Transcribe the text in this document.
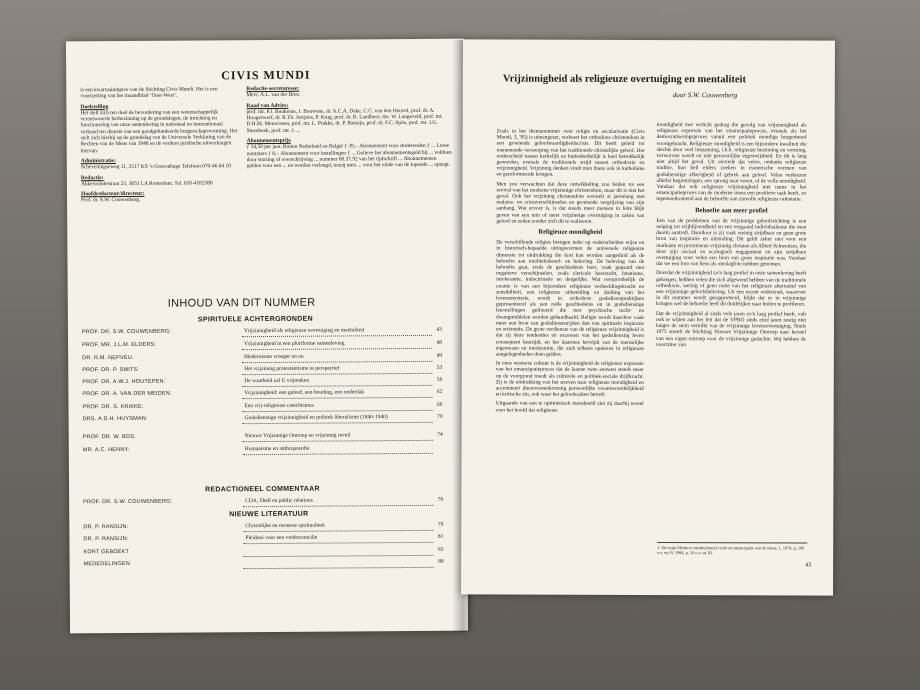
368 a
CIVIS MUNDI

is een kwartaaluitgave van de Stichting Civis Mundi. Het is een voortzetting van het maandblad ‘Oost-West’.

Doelstelling

Het stelt zich ten doel de bevordering van een wetenschappelijk verantwoorde herbezinning op de grondslagen, de inrichting en functionering van onze samenleving in nationaal en internationaal verband ten dienste van een goedgefundeerde burgerschapsvorming. Het stelt zich hierbij op de grondslag van de Universele Verklaring van de Rechten van de Mens van 1948 en de verdere juridische uitwerkingen hiervan.

Administratie:

Scheveningseweg 11, 2517 KS ’s-Gravenhage Telefoon 070-46 04 10

Redactie:

Akkerwindestraat 23, 3051 LA Rotterdam. Tel. 010-4182580

Hoofdredacteur/directeur:

Prof. dr. S.W. Couwenberg.

Redactie-secretaresse:

Mevr. A.L. van der Bree.

Raad van Advies:

prof. mr. P.J. Boukema, J. Bouwens, dr. A.C.A. Dake, C.C. van den Heuvel, prof. dr. A. Hoogerwerf, dr. R.Th. Jurrjens, P. Krug, prof. dr. B. Landheer, drs. W. Langeveld, prof. mr. D.H.M. Meuwissen, prof. mr. L. Prakke, dr. P. Ransijn, prof. dr. F.C. Spits, prof. mr. J.G. Steenbeek, prof. mr. J. ...

Abonnementsprijs

ƒ 34,50 per jaar. Buiten Nederland en België ƒ 39,-. Abonnement voor studerenden ƒ ... Losse nummers ƒ 8,-. Abonnement voor instellingen ƒ ... Gelieve het abonnementsgeld bij ... voldoen door storting of overschrijving ... nummer 60.37.92 van het tijdschrift ... Abonnementen gelden voor een ... en worden verlengd, tenzij men ... voor het einde van de lopende ... opzegt.

INHOUD VAN DIT NUMMER
SPIRITUELE ACHTERGRONDEN
REDACTIONEEL COMMENTAAR
NIEUWE LITERATUUR
PROF. DR. S.W. COUWENBERG:	Vrijzinnigheid als religieuze overtuiging en mentaliteit	43
PROF. MR. J.L.M. ELDERS:	Vrijzinnigheid in een pluriforme samenleving	48
DR. R.M. NEPVEU:	Modernisme vroeger en nu	49
PROF. DR. P. SMITS:	Het vrijzinnig protestantisme in perspectief	53
PROF. DR. A.W.J. HOUTEPEN:	De waarheid zal U vrijmaken	56
PROF. DR. A. VAN DER MEIDEN:	Vrijzinnigheid: een geloof, een houding, een onderdak	62
PROF. DR. S. KRIKKE:	Een vrij-religieuze catechismus	66
DRS. A.D.H. HUYSMAN:	Godsdienstige vrijzinnigheid en politiek liberalisme (1840-1940)	70
PROF. DR. W. BOS:	Nieuwe Vrijzinnige Omroep en vrijzinnig reveil	74
MR. A.C. HENNY:	Humanisme en anthroposofie
PROF. DR. S.W. COUWENBERG:	CDA, Shell en public relations	78
DR. P. RANSIJN:	Christelijke en oosterse spiritualiteit	79
DR. P. RANSIJN:	Pleidooi voor een vredesconcilie	81
KORT GEBOEKT	83
MEDEDELINGEN	88
Vrijzinnigheid als religieuze overtuiging en mentaliteit
door S.W. Couwenberg

Zoals in het themanummer over religie en secularisatie (Civis Mundi, 3, '85) is uiteengezet, verkeert het orthodoxe christendom in een groeiende geloofwaardigheidscrisis. Dit heeft geleid tot toenemende verwerping van het traditionele christelijke geloof. Het onderscheid tussen kerkelijk en buitenkerkelijk is heel betrekkelijk geworden, evenals de traditionele strijd tussen orthodoxie en vrijzinnigheid. Vrijzinnig denken vindt men thans ook in katholieke en gereformeerde kringen.

Men zou verwachten dat deze ontwikkeling zou leiden tot een revival van het moderne vrijzinnige christendom, maar dit is niet het geval. Ook het vrijzinnig christendom worstelt al jarenlang met malaise- en crisisverschijnselen en groeiende vergrijzing van zijn aanhang. Wat ervoor is, is dat steeds meer mensen in feite blijk geven van een min of meer vrijzinnige overtuiging in zaken van geloof en zeden zonder zich dit te realiseren.

Religieuze mondigheid

De verschillende religies brengen ieder op onderscheiden wijze en in historisch-bepaalde uitingsvormen de universele religieuze dimensie tot uitdrukking die kort kan worden aangeduid als de behoefte aan totaliteitsbesef- en beleving. De beleving van de behoefte gaat, zoals de geschiedenis leert, vaak gepaard met negatieve verschijnselen, zoals clericale heerzucht, fanatisme, intolerantie, indoctrinatie en dergelijke. Wat oorspronkelijk de creatie is van een bijzondere religieuze verbeeldingskracht en sensibiliteit, een religieuze uitbeelding en duiding van het levensmysterie, wordt in orthodoxe godsdienstpraktijken gepresenteerd als een reële geschiedenis en in godsdienstige leerstellingen gefixeerd die met psychische tucht- en dwangmiddelen worden gehandhaafd. Religie wordt daardoor vaak meer een bron van godsdienststrijden dan van spirituele inspiratie en oriëntatie. De grote verdienste van de religieuze vrijzinnigheid is dat zij deze tendenties en excessen van het godsdienstig leven consequent bestrijdt, en het daarmee bevrijdt van de menselijke eigenwaan en intolerantie, die zich telkens opnieuw in religieuze aangelegenheden doen gelden.

In onze westerse cultuur is de vrijzinnigheid de religieuze expressie van het emancipatieproces dat de laatste twee eeuwen steeds meer op de voorgrond treedt als culturele en politiek-sociale drijfkracht. Zij is de uitdrukking van het streven naar religieuze mondigheid en accentueert dienovereenkomstig persoonlijke verantwoordelijkheid en kritische zin, ook waar het geloofszaken betreft.

Uitgaande van een te optimistisch mensbeeld ziet zij daarbij teveel over het hoofd dat religieuze

mondigheid met verlicht gedrag die gevolg van vrijzinnigheid als religieuze expressie van het emancipatieproces, evenals als het democratiseringsproces vanuit een politiek mondige burgerbesef voortgebracht. Religieuze mondigheid is een bijzondere kwaliteit die slechts door veel inspanning, i.h.b. religieuze bezinning en vorming, verworven wordt en niet persoonlijke eigenwijsheid. En dit is lang niet altijd het geval. Uit onvrede dat velen, ondanks religieuze traditie, hun heil elders zoeken in esoterische vormen van godsdienstige afkerigheid of gebrek aan geloof. Velen verkiezen allerlei begrenzingen, een sprong naar voren, of de volle mondigheid. Vandaar dat ook religieuze vrijzinnigheid met name in het emancipatieproces van de moderne mens een positieve taak heeft, zo tegemoetkomend aan de behoefte aan zinvolle religieuze oriëntatie.

Behoefte aan meer profiel

Een van de problemen van de vrijzinnige geloofsrichting is een neiging tot vrijblijvendheid en een vergaand individualisme die men daarin aantreft. Daardoor is zij vaak weinig strijdbaar en geen grote bron van inspiratie en uitstraling. Dit geldt zeker niet voor een markante en prominente vrijzinnig christen als Albert Schweitzer, die door zijn sociaal en ecologisch engagement en zijn strijdbare overtuiging voor velen een bron van grote inspiratie was. Vandaar dat we een foto van hem als omslagfoto hebben genomen.

Doordat de vrijzinnigheid zo'n laag profiel in onze samenleving heeft gekregen, hebben velen die zich afgewend hebben van de traditionele orthodoxie, weinig of geen notie van het religieuze alternatief van een vrijzinnige geloofsbeleving. Uit een recent onderzoek, waarover in dit nummer wordt gerapporteerd, blijkt dat er in vrijzinnige kringen wel de behoefte leeft dit duidelijker naar buiten te profileren.

Dat de vrijzinnigheid al sinds vele jaren zo'n laag profiel heeft, valt ook te wijten aan het feit dat de VPRO sinds eind jaren zestig niet langer de stem vertolkt van de vrijzinnige levensovertuiging. Sinds 1975 streeft de Stichting Nieuwe Vrijzinnige Omroep naar herstel van een eigen omroep voor de vrijzinnige gedachte. Wij hebben de voorzitter van

1. Zie mijn Modern constitutioneel recht en emancipatie van de mens, 1, 1979, p. 196 e.v. en IV 1984, p. 16 e.v. en 30.
43
